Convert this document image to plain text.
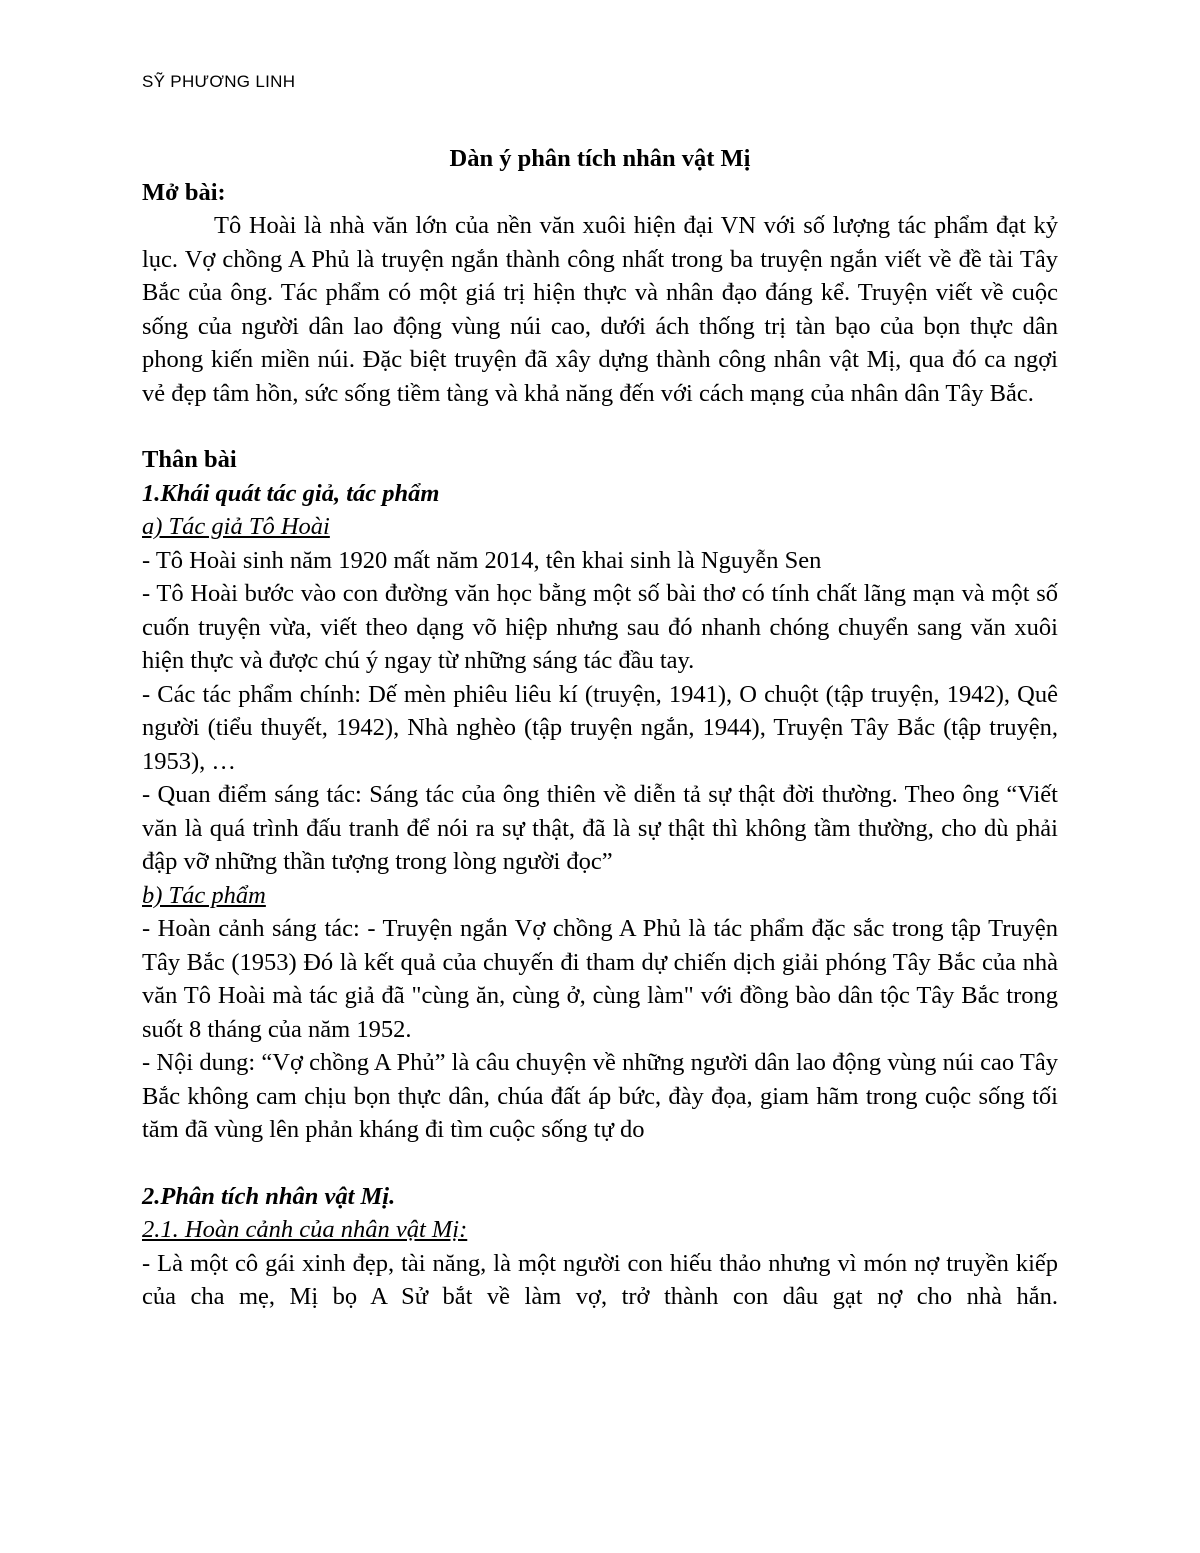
SỸ PHƯƠNG LINH

Dàn ý phân tích nhân vật Mị

Mở bài:

Tô Hoài là nhà văn lớn của nền văn xuôi hiện đại VN với số lượng tác phẩm đạt kỷ lục. Vợ chồng A Phủ là truyện ngắn thành công nhất trong ba truyện ngắn viết về đề tài Tây Bắc của ông. Tác phẩm có một giá trị hiện thực và nhân đạo đáng kể. Truyện viết về cuộc sống của người dân lao động vùng núi cao, dưới ách thống trị tàn bạo của bọn thực dân phong kiến miền núi. Đặc biệt truyện đã xây dựng thành công nhân vật Mị, qua đó ca ngợi vẻ đẹp tâm hồn, sức sống tiềm tàng và khả năng đến với cách mạng của nhân dân Tây Bắc.

Thân bài

1.Khái quát tác giả, tác phẩm

a) Tác giả Tô Hoài

- Tô Hoài sinh năm 1920 mất năm 2014, tên khai sinh là Nguyễn Sen

- Tô Hoài bước vào con đường văn học bằng một số bài thơ có tính chất lãng mạn và một số cuốn truyện vừa, viết theo dạng võ hiệp nhưng sau đó nhanh chóng chuyển sang văn xuôi hiện thực và được chú ý ngay từ những sáng tác đầu tay.

- Các tác phẩm chính: Dế mèn phiêu liêu kí (truyện, 1941), O chuột (tập truyện, 1942), Quê người (tiểu thuyết, 1942), Nhà nghèo (tập truyện ngắn, 1944), Truyện Tây Bắc (tập truyện, 1953), …

- Quan điểm sáng tác: Sáng tác của ông thiên về diễn tả sự thật đời thường. Theo ông “Viết văn là quá trình đấu tranh để nói ra sự thật, đã là sự thật thì không tầm thường, cho dù phải đập vỡ những thần tượng trong lòng người đọc”

b) Tác phẩm

- Hoàn cảnh sáng tác: - Truyện ngắn Vợ chồng A Phủ là tác phẩm đặc sắc trong tập Truyện Tây Bắc (1953) Đó là kết quả của chuyến đi tham dự chiến dịch giải phóng Tây Bắc của nhà văn Tô Hoài mà tác giả đã "cùng ăn, cùng ở, cùng làm" với đồng bào dân tộc Tây Bắc trong suốt 8 tháng của năm 1952.

- Nội dung: “Vợ chồng A Phủ” là câu chuyện về những người dân lao động vùng núi cao Tây Bắc không cam chịu bọn thực dân, chúa đất áp bức, đày đọa, giam hãm trong cuộc sống tối tăm đã vùng lên phản kháng đi tìm cuộc sống tự do

2.Phân tích nhân vật Mị.

2.1. Hoàn cảnh của nhân vật Mị:

- Là một cô gái xinh đẹp, tài năng, là một người con hiếu thảo nhưng vì món nợ truyền kiếp của cha mẹ, Mị bọ A Sử bắt về làm vợ, trở thành con dâu gạt nợ cho nhà hắn.
